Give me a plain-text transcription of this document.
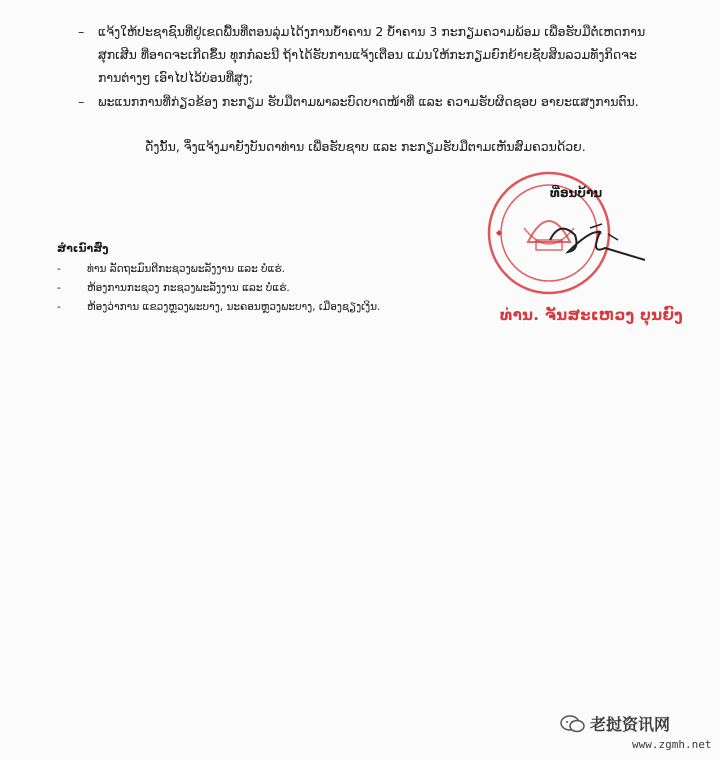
– ແຈ້ງໃຫ້ປະຊາຊົນທີ່ຢູ່ເຂດພື້ນທີ່ຕອນລຸ່ມໄດ້ງການບ້ຳຄານ 2 ບ້ຳຄານ 3 ກະກຽມຄວາມພ້ອມ ເພື່ອຮັບມືຕໍ່ເຫດການສຸກເສີນ ທີ່ອາດຈະເກີດຂຶ້ນ ທຸກກໍລະນີ ຖ້າໄດ້ຮັບການແຈ້ງເຕືອນ ແມ່ນໃຫ້ກະກຽມຍົກຍ້າຍຊັບສິນລວມທັງກິດຈະການຕ່າງໆ ເອົາໄປໄວ້ບ່ອນທີ່ສູງ;
– ພະແນກການທີ່ກ່ຽວຂ້ອງ ກະກຽມ ຮັບມືຕາມພາລະບົດບາດໜ້າທີ່ ແລະ ຄວາມຮັບຜິດຊອບ ອາຍະແສງການຕົນ.
ດັ່ງນັ້ນ, ຈຶ່ງແຈ້ງມາຍັງບັນດາທ່ານ ເພື່ອຮັບຊາບ ແລະ ກະກຽມຮັບມືຕາມເຫັນສົມຄວນດ້ວຍ.
ທີ່ອນບ້ານ
ທ່ານ. ຈັນສະເຫວງ ບຸນຍົງ
ສຳເນົາສົ່ງ
- ທ່ານ ລັດຖະມົນຕີກະຊວງພະລັງງານ ແລະ ບໍ່ແຮ່.
- ຫ້ອງການກະຊວງ ກະຊວງພະລັງງານ ແລະ ບໍ່ແຮ່.
- ຫ້ອງວ່າການ ແຂວງຫຼວງພະບາງ, ນະຄອນຫຼວງພະບາງ, ເມືອງຊຽງເງິນ.
老挝资讯网
www.zgmh.net
